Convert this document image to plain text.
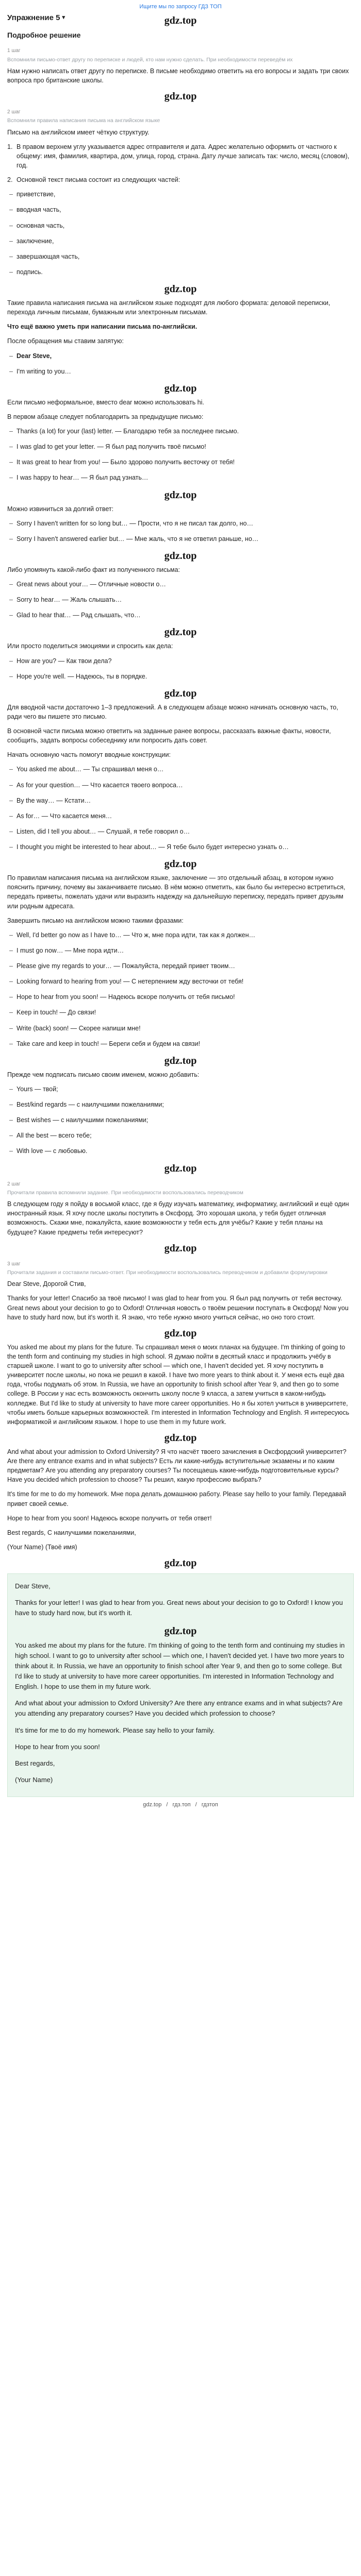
Ищите мы по запросу ГДЗ ТОП
Упражнение 5 ▾	gdz.top
Подробное решение
1 шаг
Вспомнили письмо-ответ другу по переписке и людей, кто нам нужно сделать. При необходимости переведём их

Нам нужно написать ответ другу по переписке. В письме необходимо ответить на его вопросы и задать три своих вопроса про британские школы.

gdz.top
2 шаг
Вспомнили правила написания письма на английском языке

Письмо на английском имеет чёткую структуру.

1. В правом верхнем углу указывается адрес отправителя и дата. Адрес желательно оформить от частного к общему: имя, фамилия, квартира, дом, улица, город, страна. Дату лучше записать так: число, месяц (словом), год.
2. Основной текст письма состоит из следующих частей:
– приветствие,
– вводная часть,
– основная часть,
– заключение,
– завершающая часть,
– подпись.
gdz.top

Такие правила написания письма на английском языке подходят для любого формата: деловой переписки, перехода личным письмам, бумажным или электронным письмам.

Что ещё важно уметь при написании письма по-английски.

После обращения мы ставим запятую:

– Dear Steve,
– I'm writing to you…
gdz.top

Если письмо неформальное, вместо dear можно использовать hi.

В первом абзаце следует поблагодарить за предыдущие письмо:

– Thanks (a lot) for your (last) letter. — Благодарю тебя за последнее письмо.
– I was glad to get your letter. — Я был рад получить твоё письмо!
– It was great to hear from you! — Было здорово получить весточку от тебя!
– I was happy to hear… — Я был рад узнать…
gdz.top

Можно извиниться за долгий ответ:

– Sorry I haven't written for so long but… — Прости, что я не писал так долго, но…
– Sorry I haven't answered earlier but… — Мне жаль, что я не ответил раньше, но…
gdz.top

Либо упомянуть какой-либо факт из полученного письма:

– Great news about your… — Отличные новости о…
– Sorry to hear… — Жаль слышать…
– Glad to hear that… — Рад слышать, что…
gdz.top

Или просто поделиться эмоциями и спросить как дела:

– How are you? — Как твои дела?
– Hope you're well. — Надеюсь, ты в порядке.
gdz.top

Для вводной части достаточно 1–3 предложений. А в следующем абзаце можно начинать основную часть, то, ради чего вы пишете это письмо.

В основной части письма можно ответить на заданные ранее вопросы, рассказать важные факты, новости, сообщить, задать вопросы собеседнику или попросить дать совет.

Начать основную часть помогут вводные конструкции:

– You asked me about… — Ты спрашивал меня о…
– As for your question… — Что касается твоего вопроса…
– By the way… — Кстати…
– As for… — Что касается меня…
– Listen, did I tell you about… — Слушай, я тебе говорил о…
– I thought you might be interested to hear about… — Я тебе было будет интересно узнать о…
gdz.top

По правилам написания письма на английском языке, заключение — это отдельный абзац, в котором нужно пояснить причину, почему вы заканчиваете письмо. В нём можно отметить, как было бы интересно встретиться, передать приветы, пожелать удачи или выразить надежду на дальнейшую переписку, передать привет друзьям или родным адресата.

Завершить письмо на английском можно такими фразами:

– Well, I'd better go now as I have to… — Что ж, мне пора идти, так как я должен…
– I must go now… — Мне пора идти…
– Please give my regards to your… — Пожалуйста, передай привет твоим…
– Looking forward to hearing from you! — С нетерпением жду весточки от тебя!
– Hope to hear from you soon! — Надеюсь вскоре получить от тебя письмо!
– Keep in touch! — До связи!
– Write (back) soon! — Скорее напиши мне!
– Take care and keep in touch! — Береги себя и будем на связи!
gdz.top

Прежде чем подписать письмо своим именем, можно добавить:

– Yours — твой;
– Best/kind regards — с наилучшими пожеланиями;
– Best wishes — с наилучшими пожеланиями;
– All the best — всего тебе;
– With love — с любовью.
gdz.top
2 шаг
Прочитали правила вспомнили задание. При необходимости воспользовались переводчиком

В следующем году я пойду в восьмой класс, где я буду изучать математику, информатику, английский и ещё один иностранный язык. Я хочу после школы поступить в Оксфорд. Это хорошая школа, у тебя будет отличная возможность. Скажи мне, пожалуйста, какие возможности у тебя есть для учёбы? Какие у тебя планы на будущее? Какие предметы тебя интересуют?

gdz.top
3 шаг
Прочитали задания и составили письмо-ответ. При необходимости воспользовались переводчиком и добавили формулировки

Dear Steve, Дорогой Стив,

Thanks for your letter! Спасибо за твоё письмо! I was glad to hear from you. Я был рад получить от тебя весточку. Great news about your decision to go to Oxford! Отличная новость о твоём решении поступать в Оксфорд! Now you have to study hard now, but it's worth it. Я знаю, что тебе нужно много учиться сейчас, но оно того стоит.

gdz.top

You asked me about my plans for the future. Ты спрашивал меня о моих планах на будущее. I'm thinking of going to the tenth form and continuing my studies in high school. Я думаю пойти в десятый класс и продолжить учёбу в старшей школе. I want to go to university after school — which one, I haven't decided yet. Я хочу поступить в университет после школы, но пока не решил в какой. I have two more years to think about it. У меня есть ещё два года, чтобы подумать об этом. In Russia, we have an opportunity to finish school after Year 9, and then go to some college. В России у нас есть возможность окончить школу после 9 класса, а затем учиться в каком-нибудь колледже. But I'd like to study at university to have more career opportunities. Но я бы хотел учиться в университете, чтобы иметь больше карьерных возможностей. I'm interested in Information Technology and English. Я интересуюсь информатикой и английским языком. I hope to use them in my future work.

gdz.top

And what about your admission to Oxford University? Я что насчёт твоего зачисления в Оксфордский университет? Are there any entrance exams and in what subjects? Есть ли какие-нибудь вступительные экзамены и по каким предметам? Are you attending any preparatory courses? Ты посещаешь какие-нибудь подготовительные курсы? Have you decided which profession to choose? Ты решил, какую профессию выбрать?

It's time for me to do my homework. Мне пора делать домашнюю работу. Please say hello to your family. Передавай привет своей семье.

Hope to hear from you soon! Надеюсь вскоре получить от тебя ответ!

Best regards, С наилучшими пожеланиями,

(Your Name) (Твоё имя)

gdz.top

Dear Steve,

Thanks for your letter! I was glad to hear from you. Great news about your decision to go to Oxford! I know you have to study hard now, but it's worth it.

gdz.top

You asked me about my plans for the future. I'm thinking of going to the tenth form and continuing my studies in high school. I want to go to university after school — which one, I haven't decided yet. I have two more years to think about it. In Russia, we have an opportunity to finish school after Year 9, and then go to some college. But I'd like to study at university to have more career opportunities. I'm interested in Information Technology and English. I hope to use them in my future work.

And what about your admission to Oxford University? Are there any entrance exams and in what subjects? Are you attending any preparatory courses? Have you decided which profession to choose?

It's time for me to do my homework. Please say hello to your family.

Hope to hear from you soon!

Best regards,

(Your Name)

gdz.top / гдз.топ / гдзтоп
